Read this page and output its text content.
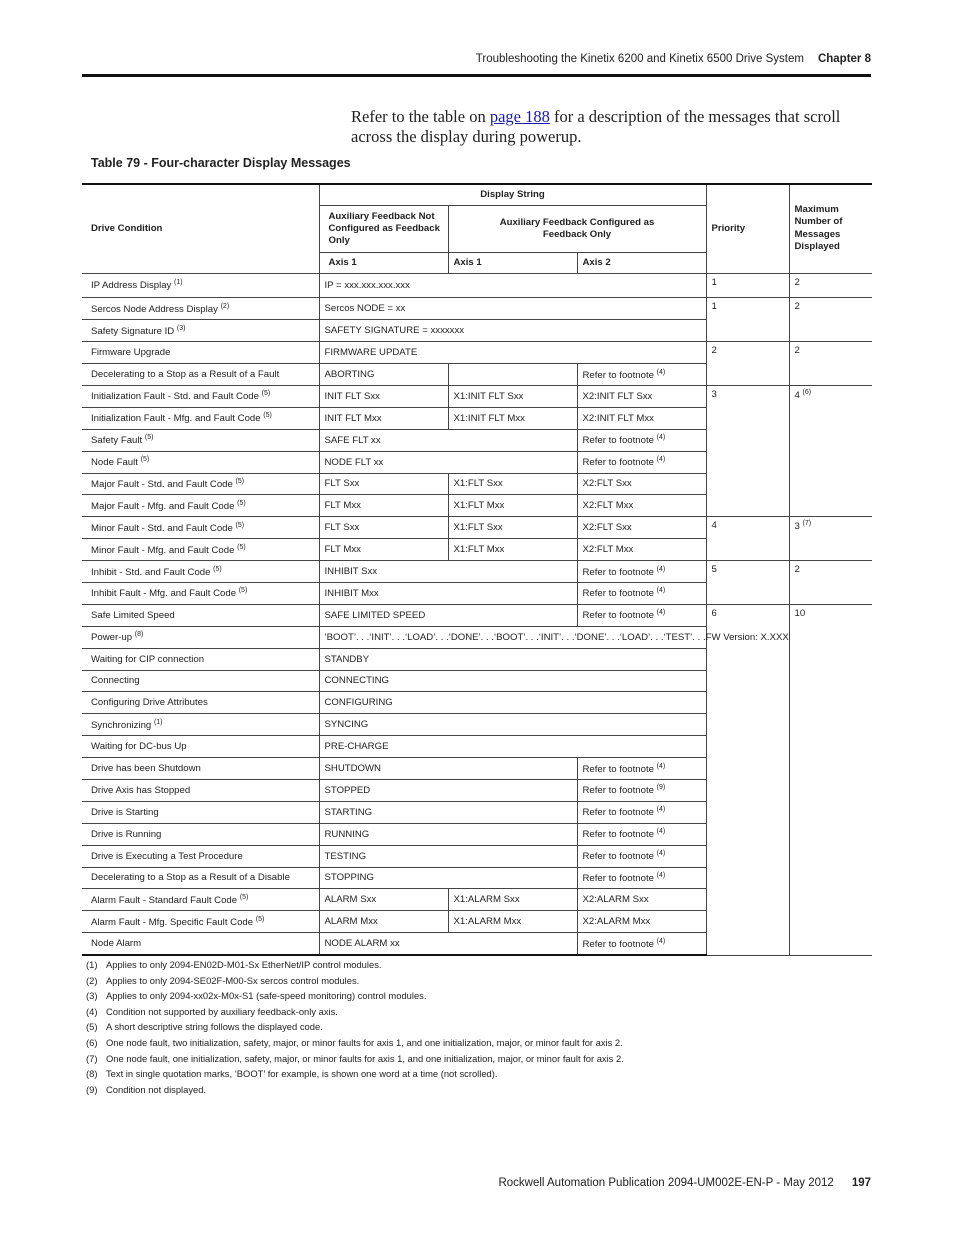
Troubleshooting the Kinetix 6200 and Kinetix 6500 Drive System Chapter 8
Refer to the table on page 188 for a description of the messages that scroll across the display during powerup.
Table 79 - Four-character Display Messages
Drive Condition	Display String			Priority	Maximum Number of Messages Displayed
	Auxiliary Feedback Not Configured as Feedback Only	Auxiliary Feedback Configured as Feedback Only			
	Axis 1	Axis 1	Axis 2		
IP Address Display $^{(1)}$	IP = xxx.xxx.xxx.xxx			1	2
Sercos Node Address Display $^{(2)}$	Sercos NODE = xx			1	2
Safety Signature ID $^{(3)}$	SAFETY SIGNATURE = xxxxxxx				
Firmware Upgrade	FIRMWARE UPDATE			2	2
Decelerating to a Stop as a Result of a Fault	ABORTING		Refer to footnote $^{(4)}$
Initialization Fault - Std. and Fault Code $^{(5)}$	INIT FLT Sxx	X1:INIT FLT Sxx	X2:INIT FLT Sxx	3	4 $^{(6)}$
Initialization Fault - Mfg. and Fault Code $^{(5)}$	INIT FLT Mxx	X1:INIT FLT Mxx	X2:INIT FLT Mxx		
Safety Fault $^{(5)}$	SAFE FLT xx		Refer to footnote $^{(4)}$
Node Fault $^{(5)}$	NODE FLT xx		Refer to footnote $^{(4)}$
Major Fault - Std. and Fault Code $^{(5)}$	FLT Sxx	X1:FLT Sxx	X2:FLT Sxx		
Major Fault - Mfg. and Fault Code $^{(5)}$	FLT Mxx	X1:FLT Mxx	X2:FLT Mxx		
Minor Fault - Std. and Fault Code $^{(5)}$	FLT Sxx	X1:FLT Sxx	X2:FLT Sxx	4	3 $^{(7)}$
Minor Fault - Mfg. and Fault Code $^{(5)}$	FLT Mxx	X1:FLT Mxx	X2:FLT Mxx		
Inhibit - Std. and Fault Code $^{(5)}$	INHIBIT Sxx		Refer to footnote $^{(4)}$	5	2
Inhibit Fault - Mfg. and Fault Code $^{(5)}$	INHIBIT Mxx		Refer to footnote $^{(4)}$
Safe Limited Speed	SAFE LIMITED SPEED		Refer to footnote $^{(4)}$	6	10
Power-up $^{(8)}$	‘BOOT’. . .‘INIT’. . .‘LOAD’. . .‘DONE’. . .‘BOOT’. . .‘INIT’. . .‘DONE’. . .‘LOAD’. . .‘TEST’. . .FW Version: X.XXX				
Waiting for CIP connection	STANDBY				
Connecting	CONNECTING				
Configuring Drive Attributes	CONFIGURING				
Synchronizing $^{(1)}$	SYNCING				
Waiting for DC-bus Up	PRE-CHARGE				
Drive has been Shutdown	SHUTDOWN		Refer to footnote $^{(4)}$
Drive Axis has Stopped	STOPPED		Refer to footnote $^{(9)}$
Drive is Starting	STARTING		Refer to footnote $^{(4)}$
Drive is Running	RUNNING		Refer to footnote $^{(4)}$
Drive is Executing a Test Procedure	TESTING		Refer to footnote $^{(4)}$
Decelerating to a Stop as a Result of a Disable	STOPPING		Refer to footnote $^{(4)}$
Alarm Fault - Standard Fault Code $^{(5)}$	ALARM Sxx	X1:ALARM Sxx	X2:ALARM Sxx		
Alarm Fault - Mfg. Specific Fault Code $^{(5)}$	ALARM Mxx	X1:ALARM Mxx	X2:ALARM Mxx		
Node Alarm	NODE ALARM xx		Refer to footnote $^{(4)}$
(1) Applies to only 2094-EN02D-M01-Sx EtherNet/IP control modules.
(2) Applies to only 2094-SE02F-M00-Sx sercos control modules.
(3) Applies to only 2094-xx02x-M0x-S1 (safe-speed monitoring) control modules.
(4) Condition not supported by auxiliary feedback-only axis.
(5) A short descriptive string follows the displayed code.
(6) One node fault, two initialization, safety, major, or minor faults for axis 1, and one initialization, major, or minor fault for axis 2.
(7) One node fault, one initialization, safety, major, or minor faults for axis 1, and one initialization, major, or minor fault for axis 2.
(8) Text in single quotation marks, ‘BOOT’ for example, is shown one word at a time (not scrolled).
(9) Condition not displayed.
Rockwell Automation Publication 2094-UM002E-EN-P - May 2012 197
